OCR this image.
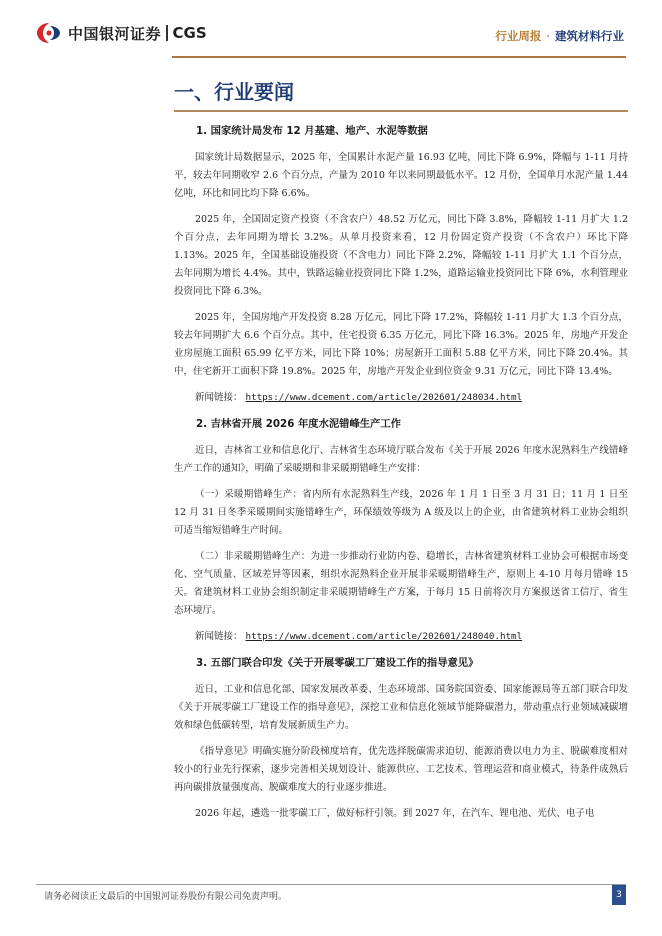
中国银河证券 CGS	行业周报 · 建筑材料行业
一、行业要闻
1. 国家统计局发布 12 月基建、地产、水泥等数据

国家统计局数据显示，2025 年，全国累计水泥产量 16.93 亿吨，同比下降 6.9%，降幅与 1-11 月持平，较去年同期收窄 2.6 个百分点，产量为 2010 年以来同期最低水平。12 月份，全国单月水泥产量 1.44 亿吨，环比和同比均下降 6.6%。

2025 年，全国固定资产投资（不含农户）48.52 万亿元，同比下降 3.8%，降幅较 1-11 月扩大 1.2 个百分点，去年同期为增长 3.2%。从单月投资来看，12 月份固定资产投资（不含农户）环比下降 1.13%。2025 年，全国基础设施投资（不含电力）同比下降 2.2%，降幅较 1-11 月扩大 1.1 个百分点，去年同期为增长 4.4%。其中，铁路运输业投资同比下降 1.2%，道路运输业投资同比下降 6%，水利管理业投资同比下降 6.3%。

2025 年，全国房地产开发投资 8.28 万亿元，同比下降 17.2%，降幅较 1-11 月扩大 1.3 个百分点，较去年同期扩大 6.6 个百分点。其中，住宅投资 6.35 万亿元，同比下降 16.3%。2025 年，房地产开发企业房屋施工面积 65.99 亿平方米，同比下降 10%；房屋新开工面积 5.88 亿平方米，同比下降 20.4%。其中，住宅新开工面积下降 19.8%。2025 年，房地产开发企业到位资金 9.31 万亿元，同比下降 13.4%。

新闻链接： https://www.dcement.com/article/202601/248034.html
2. 吉林省开展 2026 年度水泥错峰生产工作

近日，吉林省工业和信息化厅、吉林省生态环境厅联合发布《关于开展 2026 年度水泥熟料生产线错峰生产工作的通知》，明确了采暖期和非采暖期错峰生产安排：

（一）采暖期错峰生产：省内所有水泥熟料生产线，2026 年 1 月 1 日至 3 月 31 日；11 月 1 日至 12 月 31 日冬季采暖期间实施错峰生产，环保绩效等级为 A 级及以上的企业，由省建筑材料工业协会组织可适当缩短错峰生产时间。

（二）非采暖期错峰生产：为进一步推动行业防内卷、稳增长，吉林省建筑材料工业协会可根据市场变化、空气质量、区域差异等因素，组织水泥熟料企业开展非采暖期错峰生产，原则上 4-10 月每月错峰 15 天。省建筑材料工业协会组织制定非采暖期错峰生产方案，于每月 15 日前将次月方案报送省工信厅、省生态环境厅。

新闻链接： https://www.dcement.com/article/202601/248040.html
3. 五部门联合印发《关于开展零碳工厂建设工作的指导意见》

近日，工业和信息化部、国家发展改革委、生态环境部、国务院国资委、国家能源局等五部门联合印发《关于开展零碳工厂建设工作的指导意见》，深挖工业和信息化领域节能降碳潜力，带动重点行业领域减碳增效和绿色低碳转型，培育发展新质生产力。

《指导意见》明确实施分阶段梯度培育，优先选择脱碳需求迫切、能源消费以电力为主、脱碳难度相对较小的行业先行探索，逐步完善相关规划设计、能源供应、工艺技术、管理运营和商业模式，待条件成熟后再向碳排放量强度高、脱碳难度大的行业逐步推进。

2026 年起，遴选一批零碳工厂，做好标杆引领。到 2027 年，在汽车、锂电池、光伏、电子电

请务必阅读正文最后的中国银河证券股份有限公司免责声明。	3
